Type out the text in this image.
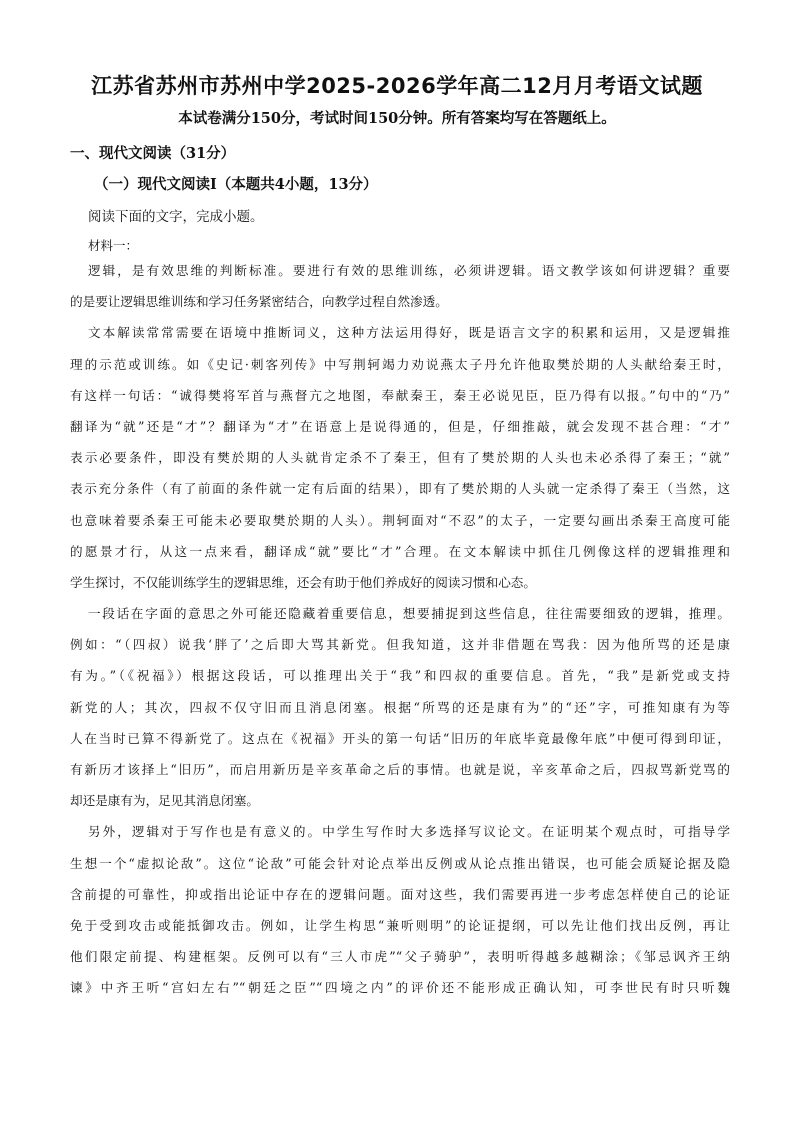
江苏省苏州市苏州中学2025-2026学年高二12月月考语文试题
本试卷满分150分，考试时间150分钟。所有答案均写在答题纸上。
一、现代文阅读（31分）
（一）现代文阅读Ⅰ（本题共4小题，13分）
阅读下面的文字，完成小题。
材料一：
逻辑，是有效思维的判断标准。要进行有效的思维训练，必须讲逻辑。语文教学该如何讲逻辑？重要
的是要让逻辑思维训练和学习任务紧密结合，向教学过程自然渗透。
文本解读常常需要在语境中推断词义，这种方法运用得好，既是语言文字的积累和运用，又是逻辑推
理的示范或训练。如《史记·刺客列传》中写荆轲竭力劝说燕太子丹允许他取樊於期的人头献给秦王时，
有这样一句话：“诚得樊将军首与燕督亢之地图，奉献秦王，秦王必说见臣，臣乃得有以报。”句中的“乃”
翻译为“就”还是“才”？翻译为“才”在语意上是说得通的，但是，仔细推敲，就会发现不甚合理：“才”
表示必要条件，即没有樊於期的人头就肯定杀不了秦王，但有了樊於期的人头也未必杀得了秦王；“就”
表示充分条件（有了前面的条件就一定有后面的结果），即有了樊於期的人头就一定杀得了秦王（当然，这
也意味着要杀秦王可能未必要取樊於期的人头）。荆轲面对“不忍”的太子，一定要勾画出杀秦王高度可能
的愿景才行，从这一点来看，翻译成“就”要比“才”合理。在文本解读中抓住几例像这样的逻辑推理和
学生探讨，不仅能训练学生的逻辑思维，还会有助于他们养成好的阅读习惯和心态。
一段话在字面的意思之外可能还隐藏着重要信息，想要捕捉到这些信息，往往需要细致的逻辑，推理。
例如：“（四叔）说我‘胖了’之后即大骂其新党。但我知道，这并非借题在骂我：因为他所骂的还是康
有为。”（《祝福》）根据这段话，可以推理出关于“我”和四叔的重要信息。首先，“我”是新党或支持
新党的人；其次，四叔不仅守旧而且消息闭塞。根据“所骂的还是康有为”的“还”字，可推知康有为等
人在当时已算不得新党了。这点在《祝福》开头的第一句话“旧历的年底毕竟最像年底”中便可得到印证，
有新历才该择上“旧历”，而启用新历是辛亥革命之后的事情。也就是说，辛亥革命之后，四叔骂新党骂的
却还是康有为，足见其消息闭塞。
另外，逻辑对于写作也是有意义的。中学生写作时大多选择写议论文。在证明某个观点时，可指导学
生想一个“虚拟论敌”。这位“论敌”可能会针对论点举出反例或从论点推出错误，也可能会质疑论据及隐
含前提的可靠性，抑或指出论证中存在的逻辑问题。面对这些，我们需要再进一步考虑怎样使自己的论证
免于受到攻击或能抵御攻击。例如，让学生构思“兼听则明”的论证提纲，可以先让他们找出反例，再让
他们限定前提、构建框架。反例可以有“三人市虎”“父子骑驴”，表明听得越多越糊涂；《邹忌讽齐王纳
谏》中齐王听“宫妇左右”“朝廷之臣”“四境之内”的评价还不能形成正确认知，可李世民有时只听魏
